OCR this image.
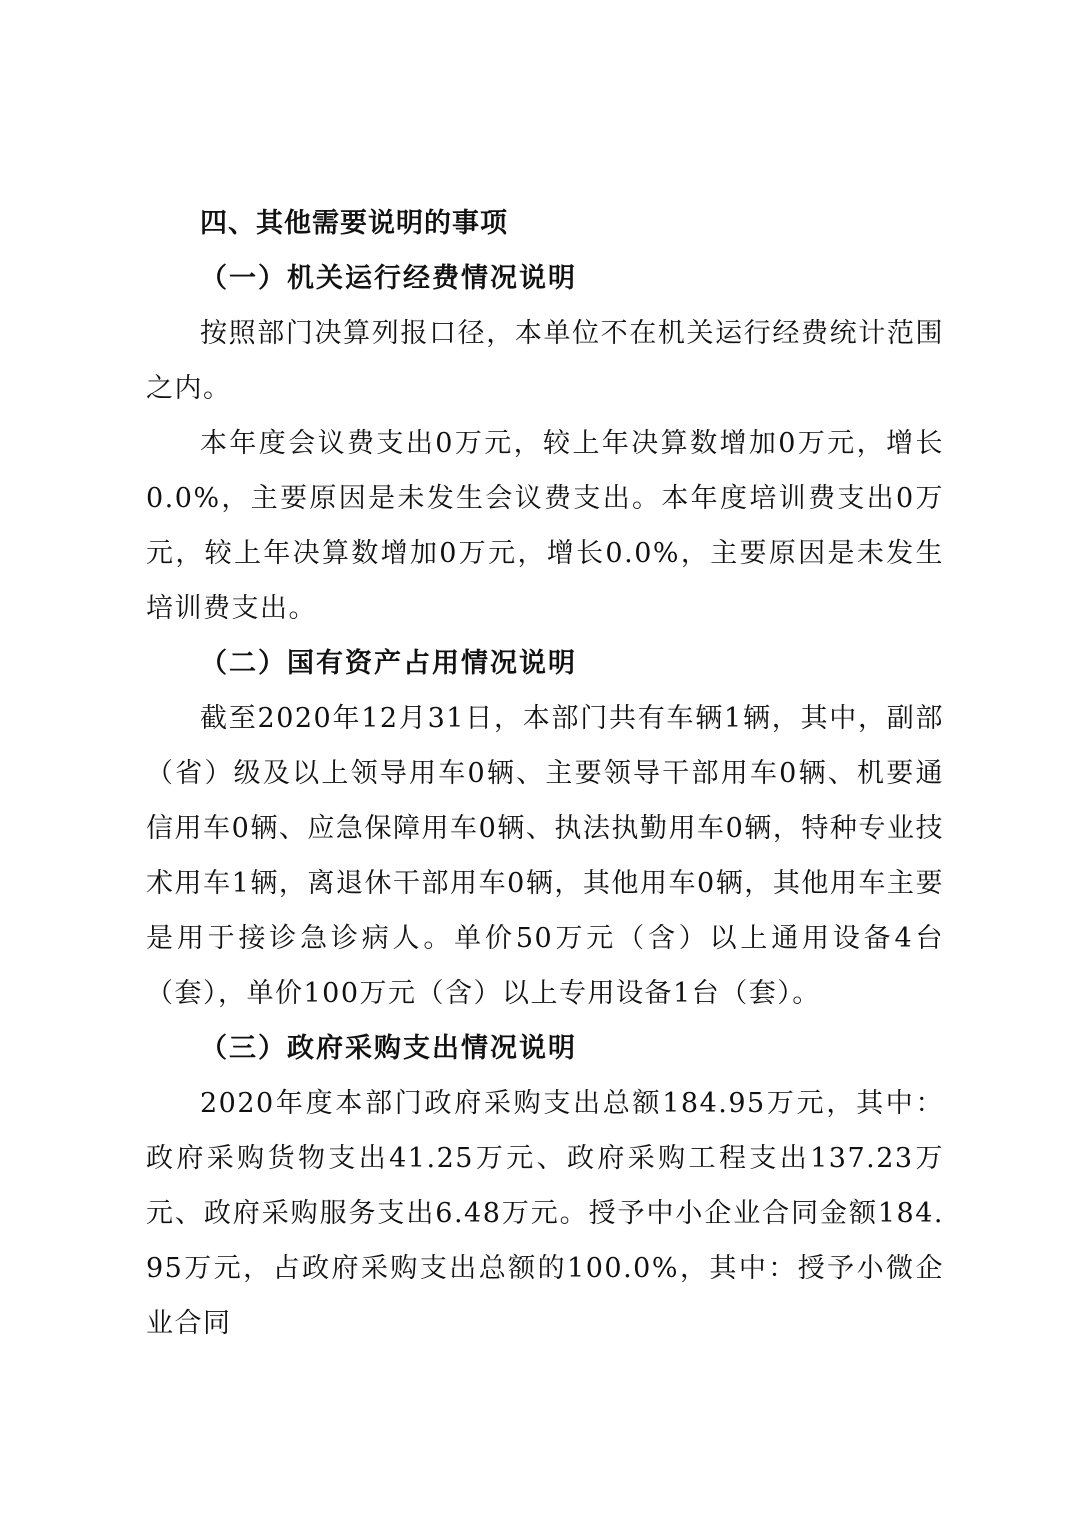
四、其他需要说明的事项
（一）机关运行经费情况说明

按照部门决算列报口径，本单位不在机关运行经费统计范围之内。

本年度会议费支出0万元，较上年决算数增加0万元，增长0.0%，主要原因是未发生会议费支出。本年度培训费支出0万元，较上年决算数增加0万元，增长0.0%，主要原因是未发生培训费支出。

（二）国有资产占用情况说明

截至2020年12月31日，本部门共有车辆1辆，其中，副部（省）级及以上领导用车0辆、主要领导干部用车0辆、机要通信用车0辆、应急保障用车0辆、执法执勤用车0辆，特种专业技术用车1辆，离退休干部用车0辆，其他用车0辆，其他用车主要是用于接诊急诊病人。单价50万元（含）以上通用设备4台（套），单价100万元（含）以上专用设备1台（套）。

（三）政府采购支出情况说明

2020年度本部门政府采购支出总额184.95万元，其中：政府采购货物支出41.25万元、政府采购工程支出137.23万元、政府采购服务支出6.48万元。授予中小企业合同金额184.95万元，占政府采购支出总额的100.0%，其中：授予小微企业合同
